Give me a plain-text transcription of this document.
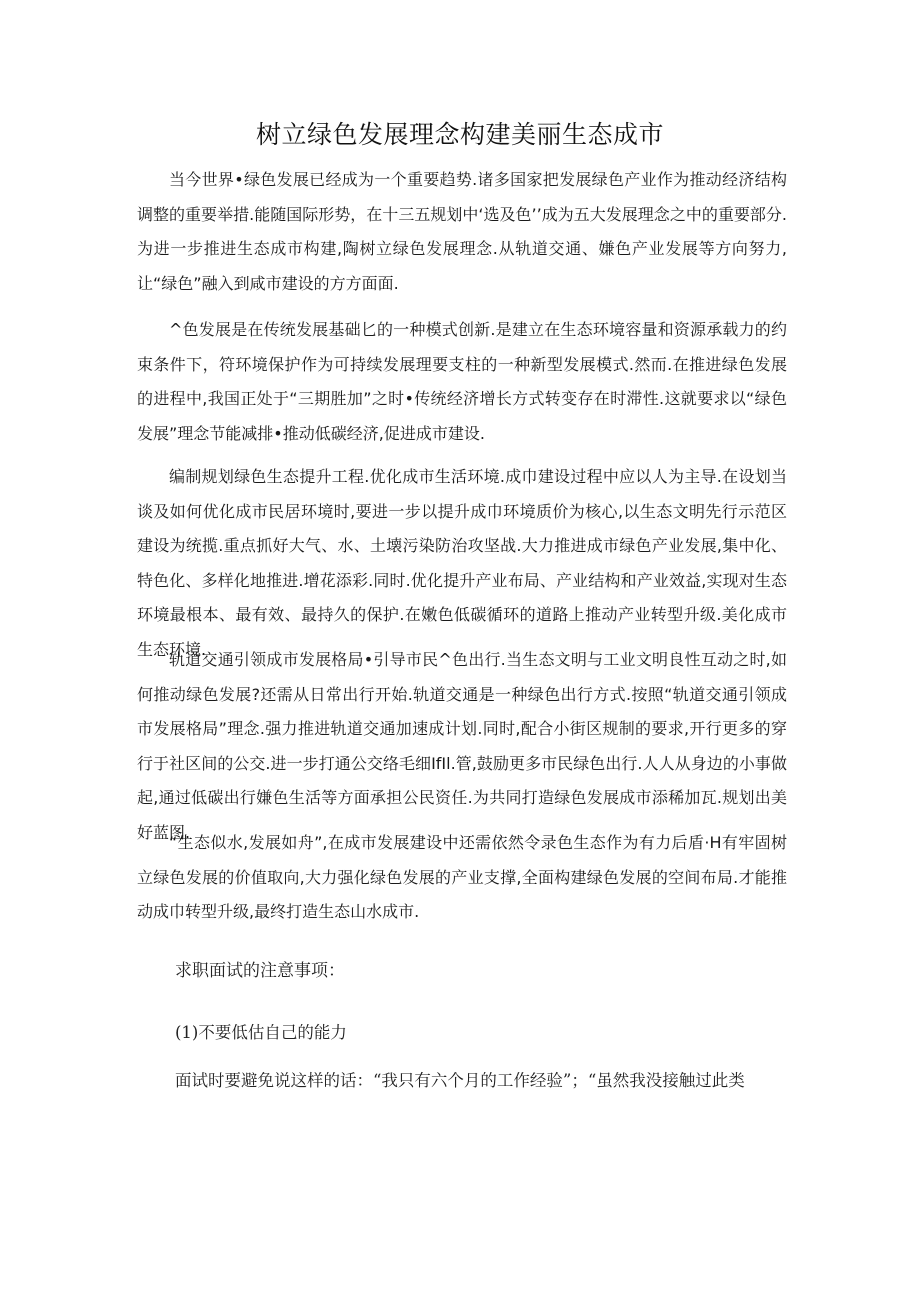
树立绿色发展理念构建美丽生态成市

当今世界•绿色发展已经成为一个重要趋势.诸多国家把发展绿色产业作为推动经济结构调整的重要举措.能随国际形势，在十三五规划中‘选及色’’成为五大发展理念之中的重要部分.为进一步推进生态成市构建,陶树立绿色发展理念.从轨道交通、嫌色产业发展等方向努力,让“绿色”融入到咸市建设的方方面面.

^色发展是在传统发展基础匕的一种模式创新.是建立在生态环境容量和资源承载力的约束条件下，符环境保护作为可持续发展理要支柱的一种新型发展模式.然而.在推进绿色发展的进程中,我国正处于“三期胜加”之时•传统经济增长方式转变存在时滞性.这就要求以“绿色发展”理念节能减排•推动低碳经济,促进成市建设.

编制规划绿色生态提升工程.优化成市生活环境.成巾建设过程中应以人为主导.在设划当谈及如何优化成市民居环境时,要进一步以提升成巾环境质价为核心,以生态文明先行示范区建设为统揽.重点抓好大气、水、土壊污染防治攻坚战.大力推进成市绿色产业发展,集中化、特色化、多样化地推进.增花添彩.同时.优化提升产业布局、产业结构和产业效益,实现对生态环境最根本、最有效、最持久的保护.在嫩色低碳循环的道路上推动产业转型升级.美化成市生态环境.

轨道交通引领成市发展格局•引导市民^色出行.当生态文明与工业文明良性互动之时,如何推动绿色发展?还需从日常出行开始.轨道交通是一种绿色出行方式.按照“轨道交通引领成市发展格局”理念.强力推进轨道交通加速成计划.同时,配合小街区规制的要求,开行更多的穿行于社区间的公交.进一步打通公交络毛细IfIl.管,鼓励更多市民绿色出行.人人从身边的小事做起,通过低碳出行嫌色生活等方面承担公民资任.为共同打造绿色发展成市添稀加瓦.规划出美好蓝图.

“生态似水,发展如舟”,在成市发展建设中还需依然令录色生态作为有力后盾·H有牢固树立绿色发展的价值取向,大力强化绿色发展的产业支撑,全面构建绿色发展的空间布局.才能推动成巾转型升级,最终打造生态山水成市.

求职面试的注意事项：

(1)不要低估自己的能力

面试时要避免说这样的话：“我只有六个月的工作经验”；“虽然我没接触过此类
